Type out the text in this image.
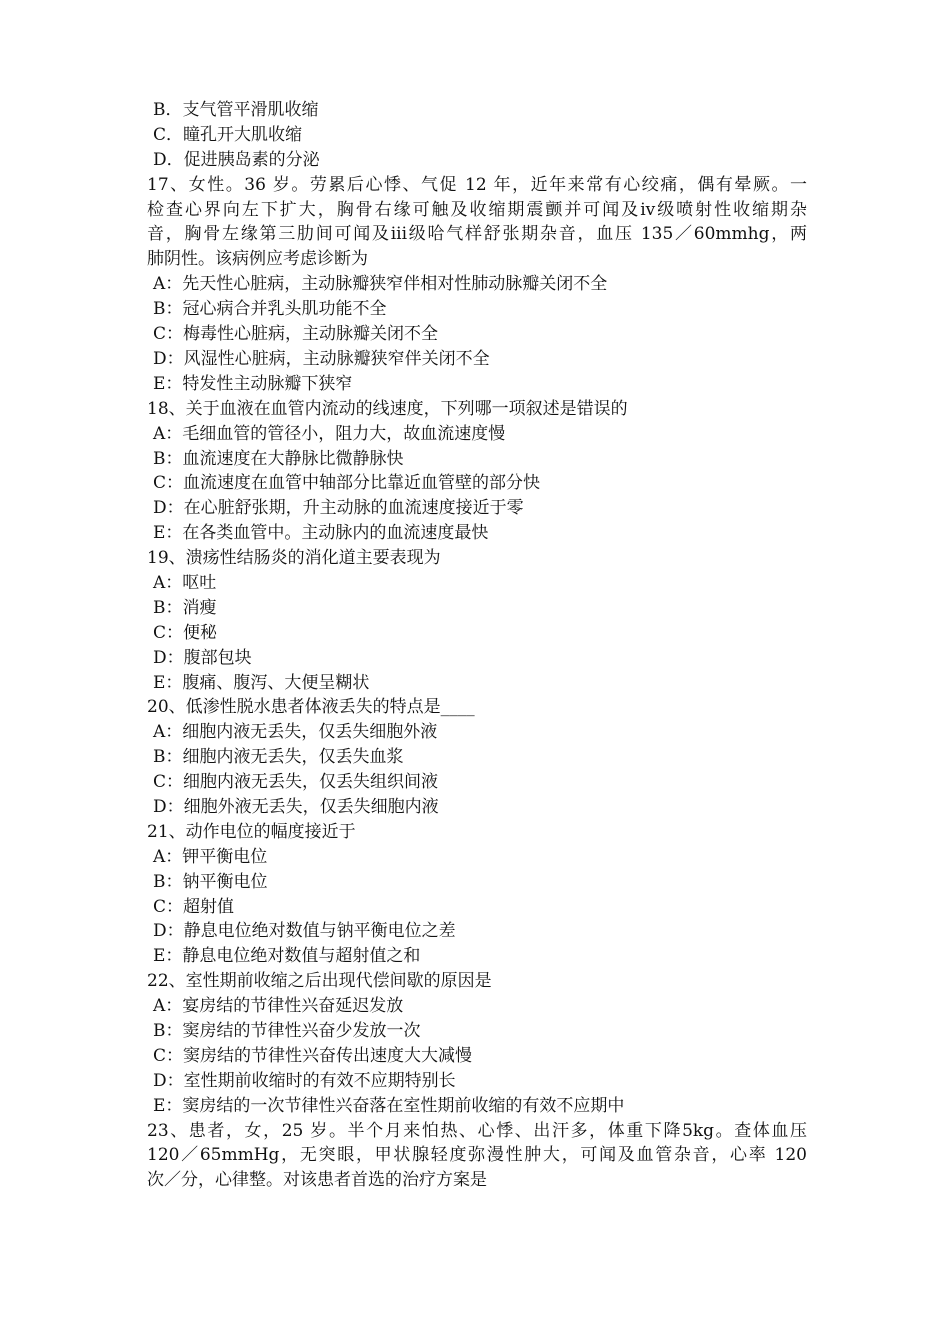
B．支气管平滑肌收缩
C．瞳孔开大肌收缩
D．促进胰岛素的分泌
17、女性。36 岁。劳累后心悸、气促 12 年，近年来常有心绞痛，偶有晕厥。一
检查心界向左下扩大，胸骨右缘可触及收缩期震颤并可闻及iv级喷射性收缩期杂
音，胸骨左缘第三肋间可闻及iii级哈气样舒张期杂音，血压 135／60mmhg，两
肺阴性。该病例应考虑诊断为
A：先天性心脏病，主动脉瓣狭窄伴相对性肺动脉瓣关闭不全
B：冠心病合并乳头肌功能不全
C：梅毒性心脏病，主动脉瓣关闭不全
D：风湿性心脏病，主动脉瓣狭窄伴关闭不全
E：特发性主动脉瓣下狭窄
18、关于血液在血管内流动的线速度，下列哪一项叙述是错误的
A：毛细血管的管径小，阻力大，故血流速度慢
B：血流速度在大静脉比微静脉快
C：血流速度在血管中轴部分比靠近血管壁的部分快
D：在心脏舒张期，升主动脉的血流速度接近于零
E：在各类血管中。主动脉内的血流速度最快
19、溃疡性结肠炎的消化道主要表现为
A：呕吐
B：消瘦
C：便秘
D：腹部包块
E：腹痛、腹泻、大便呈糊状
20、低渗性脱水患者体液丢失的特点是____
A：细胞内液无丢失，仅丢失细胞外液
B：细胞内液无丢失，仅丢失血浆
C：细胞内液无丢失，仅丢失组织间液
D：细胞外液无丢失，仅丢失细胞内液
21、动作电位的幅度接近于
A：钾平衡电位
B：钠平衡电位
C：超射值
D：静息电位绝对数值与钠平衡电位之差
E：静息电位绝对数值与超射值之和
22、室性期前收缩之后出现代偿间歇的原因是
A：宴房结的节律性兴奋延迟发放
B：窦房结的节律性兴奋少发放一次
C：窦房结的节律性兴奋传出速度大大减慢
D：室性期前收缩时的有效不应期特别长
E：窦房结的一次节律性兴奋落在室性期前收缩的有效不应期中
23、患者，女，25 岁。半个月来怕热、心悸、出汗多，体重下降5kg。查体血压
120／65mmHg，无突眼，甲状腺轻度弥漫性肿大，可闻及血管杂音，心率 120
次／分，心律整。对该患者首选的治疗方案是
